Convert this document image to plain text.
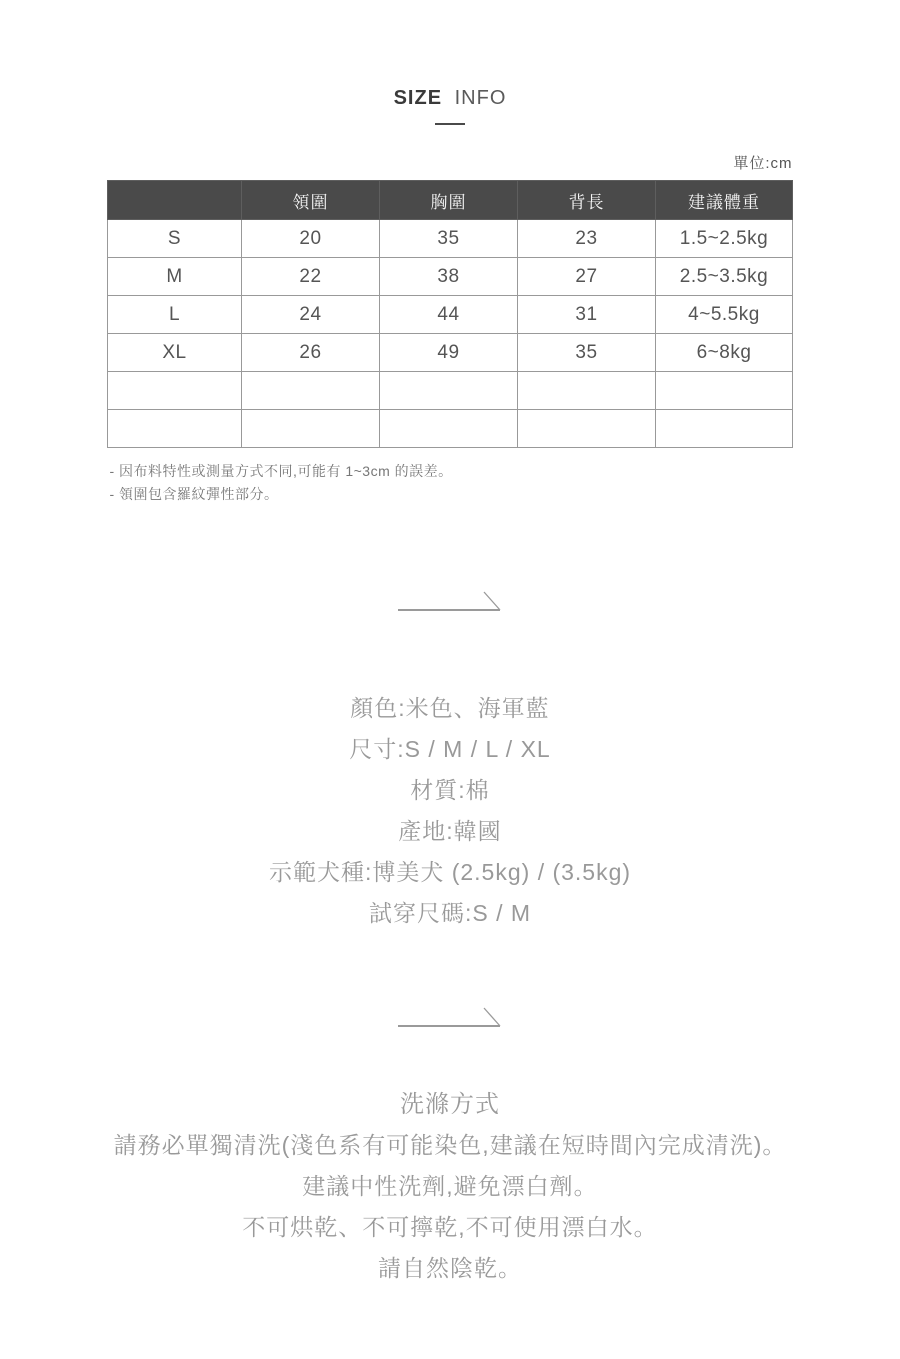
SIZE INFO
單位:cm
	領圍	胸圍	背長	建議體重
S	20	35	23	1.5~2.5kg
M	22	38	27	2.5~3.5kg
L	24	44	31	4~5.5kg
XL	26	49	35	6~8kg

- 因布料特性或測量方式不同,可能有 1~3cm 的誤差。
- 領圍包含羅紋彈性部分。
顏色:米色、海軍藍
尺寸:S / M / L / XL
材質:棉
產地:韓國
示範犬種:博美犬 (2.5kg) / (3.5kg)
試穿尺碼:S / M
洗滌方式
請務必單獨清洗(淺色系有可能染色,建議在短時間內完成清洗)。
建議中性洗劑,避免漂白劑。
不可烘乾、不可擰乾,不可使用漂白水。
請自然陰乾。
